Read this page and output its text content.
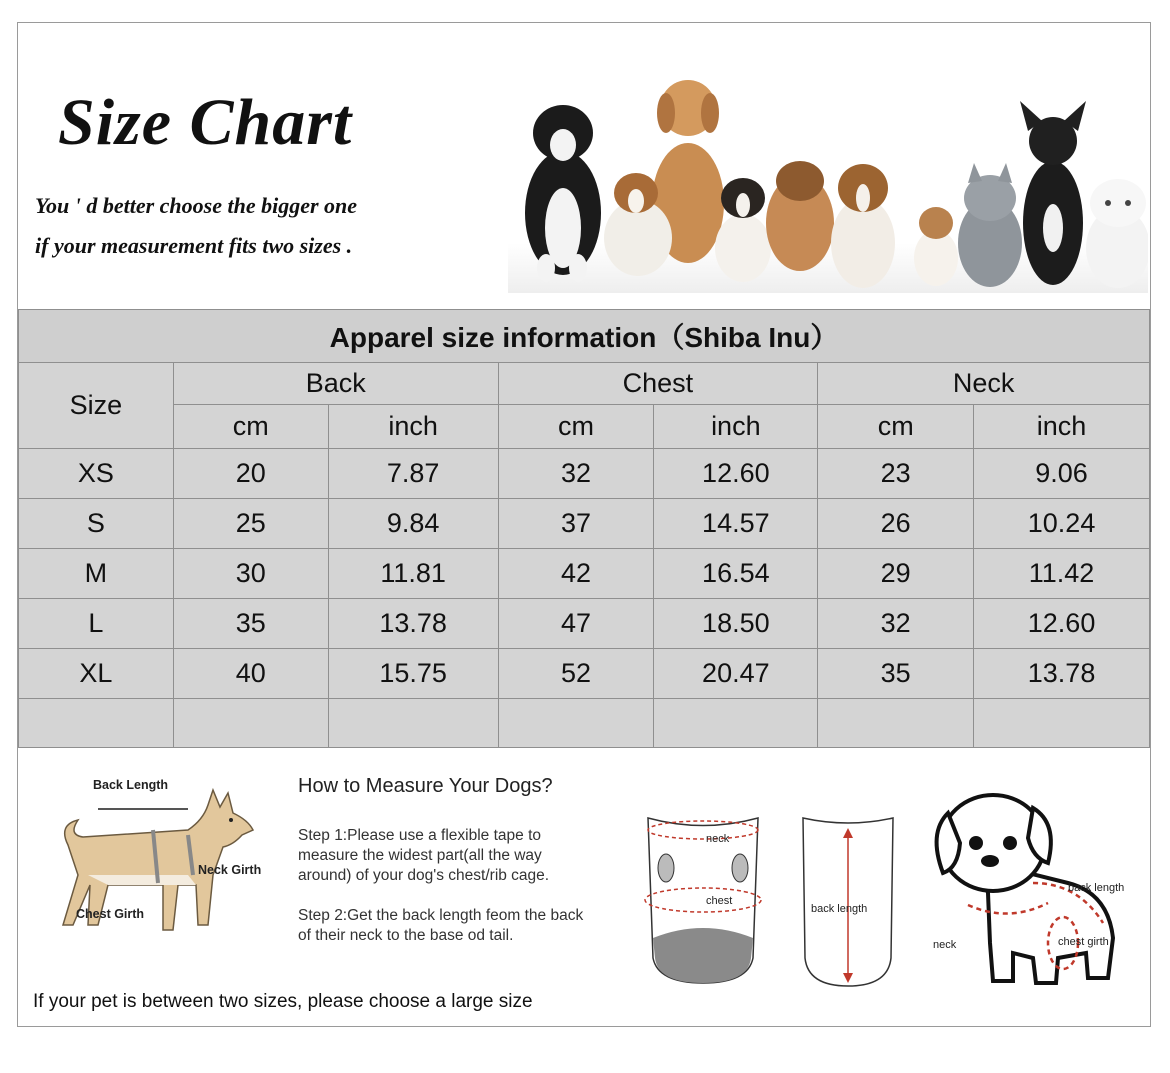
Size Chart
You ' d better choose the bigger one
if your measurement fits two sizes .
Apparel size information（Shiba Inu）						
Size	Back		Chest		Neck	
	cm	inch	cm	inch	cm	inch
XS	20	7.87	32	12.60	23	9.06
S	25	9.84	37	14.57	26	10.24
M	30	11.81	42	16.54	29	11.42
L	35	13.78	47	18.50	32	12.60
XL	40	15.75	52	20.47	35	13.78

Back Length
Neck Girth
Chest Girth
How to Measure Your Dogs?
Step 1:Please use a flexible tape to measure the widest part(all the way around) of your dog's chest/rib cage.
Step 2:Get the back length feom the back of their neck to the base od tail.
neck
chest
back length
back length
neck	chest girth
If your pet is between two sizes, please choose a large size
